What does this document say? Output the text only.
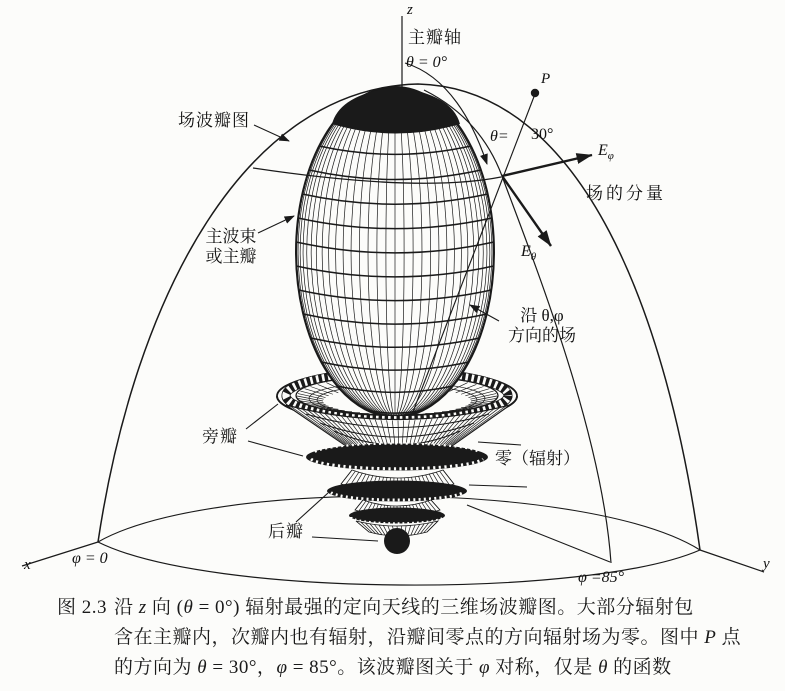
z
主瓣轴
θ = 0°
场波瓣图
主波束
或主瓣
θ= 30°
P
$E_\varphi$
场的分量
$E_\theta$
沿 θ,φ
方向的场
旁瓣
零（辐射）
后瓣
φ = 0
φ =85°
x	y
图 2.3 沿 z 向 (θ = 0°) 辐射最强的定向天线的三维场波瓣图。大部分辐射包
含在主瓣内，次瓣内也有辐射，沿瓣间零点的方向辐射场为零。图中 P 点
的方向为 θ = 30°，φ = 85°。该波瓣图关于 φ 对称，仅是 θ 的函数
